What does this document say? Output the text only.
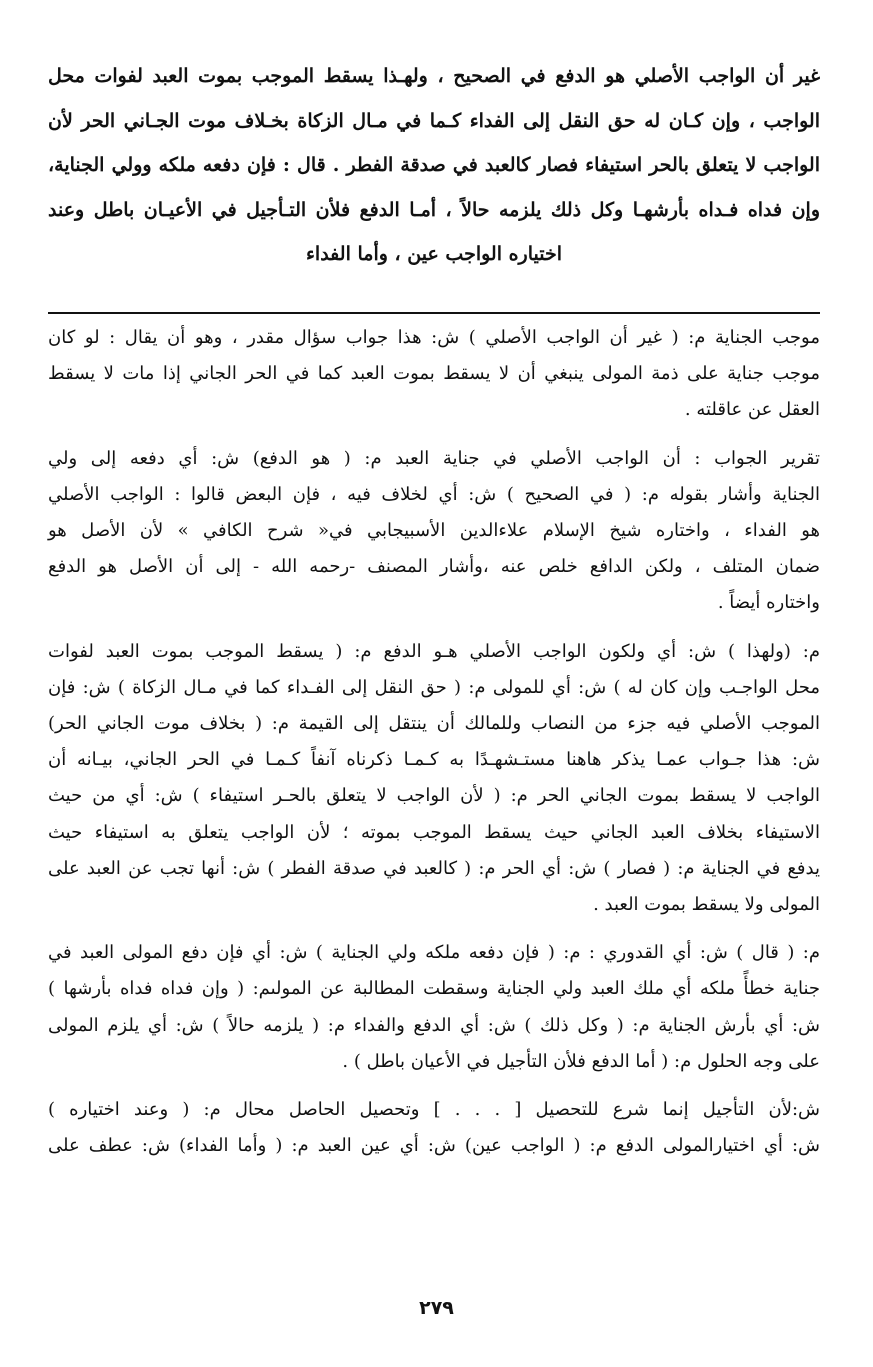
غير أن الواجب الأصلي هو الدفع في الصحيح ، ولهـذا يسقط الموجب بموت العبد لفوات محل
الواجب ، وإن كـان له حق النقل إلى الفداء كـما في مـال الزكاة بخـلاف موت الجـاني الحر لأن
الواجب لا يتعلق بالحر استيفاء فصار كالعبد في صدقة الفطر . قال : فإن دفعه ملكه وولي الجناية،
وإن فداه فـداه بأرشهـا وكل ذلك يلزمه حالاً ، أمـا الدفع فلأن التـأجيل في الأعيـان باطل وعند
اختياره الواجب عين ، وأما الفداء
موجب الجناية م: ( غير أن الواجب الأصلي ) ش: هذا جواب سؤال مقدر ، وهو أن يقال : لو كان
موجب جناية على ذمة المولى ينبغي أن لا يسقط بموت العبد كما في الحر الجاني إذا مات لا يسقط
العقل عن عاقلته .
تقرير الجواب : أن الواجب الأصلي في جناية العبد م: ( هو الدفع) ش: أي دفعه إلى ولي
الجناية وأشار بقوله م: ( في الصحيح ) ش: أي لخلاف فيه ، فإن البعض قالوا : الواجب الأصلي
هو الفداء ، واختاره شيخ الإسلام علاءالدين الأسبيجابي في« شرح الكافي » لأن الأصل هو
ضمان المتلف ، ولكن الدافع خلص عنه ،وأشار المصنف -رحمه الله - إلى أن الأصل هو الدفع
واختاره أيضاً .
م: (ولهذا ) ش: أي ولكون الواجب الأصلي هـو الدفع م: ( يسقط الموجب بموت العبد لفوات
محل الواجـب وإن كان له ) ش: أي للمولى م: ( حق النقل إلى الفـداء كما في مـال الزكاة ) ش: فإن
الموجب الأصلي فيه جزء من النصاب وللمالك أن ينتقل إلى القيمة م: ( بخلاف موت الجاني الحر)
ش: هذا جـواب عمـا يذكر هاهنا مستـشهـدًا به كـمـا ذكرناه آنفاً كـمـا في الحر الجاني، بيـانه أن
الواجب لا يسقط بموت الجاني الحر م: ( لأن الواجب لا يتعلق بالحـر استيفاء ) ش: أي من حيث
الاستيفاء بخلاف العبد الجاني حيث يسقط الموجب بموته ؛ لأن الواجب يتعلق به استيفاء حيث
يدفع في الجناية م: ( فصار ) ش: أي الحر م: ( كالعبد في صدقة الفطر ) ش: أنها تجب عن العبد على
المولى ولا يسقط بموت العبد .
م: ( قال ) ش: أي القدوري : م: ( فإن دفعه ملكه ولي الجناية ) ش: أي فإن دفع المولى العبد في
جناية خطأً ملكه أي ملك العبد ولي الجناية وسقطت المطالبة عن المولىم: ( وإن فداه فداه بأرشها )
ش: أي بأرش الجناية م: ( وكل ذلك ) ش: أي الدفع والفداء م: ( يلزمه حالاً ) ش: أي يلزم المولى
على وجه الحلول م: ( أما الدفع فلأن التأجيل في الأعيان باطل ) .
ش:لأن التأجيل إنما شرع للتحصيل [ . . . ] وتحصيل الحاصل محال م: ( وعند اختياره )
ش: أي اختيارالمولى الدفع م: ( الواجب عين) ش: أي عين العبد م: ( وأما الفداء) ش: عطف على
٢٧٩
